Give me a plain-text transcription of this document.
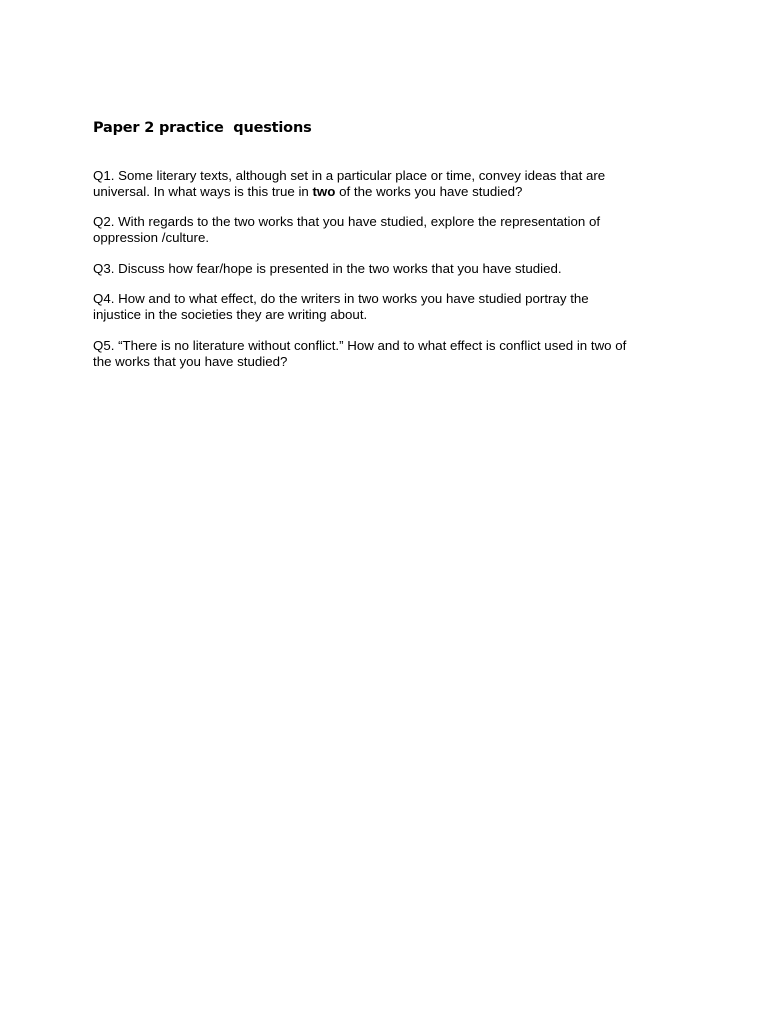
Paper 2 practice  questions

Q1. Some literary texts, although set in a particular place or time, convey ideas that are
universal. In what ways is this true in two of the works you have studied?

Q2. With regards to the two works that you have studied, explore the representation of
oppression /culture.

Q3. Discuss how fear/hope is presented in the two works that you have studied.

Q4. How and to what effect, do the writers in two works you have studied portray the
injustice in the societies they are writing about.

Q5. “There is no literature without conflict.” How and to what effect is conflict used in two of
the works that you have studied?
